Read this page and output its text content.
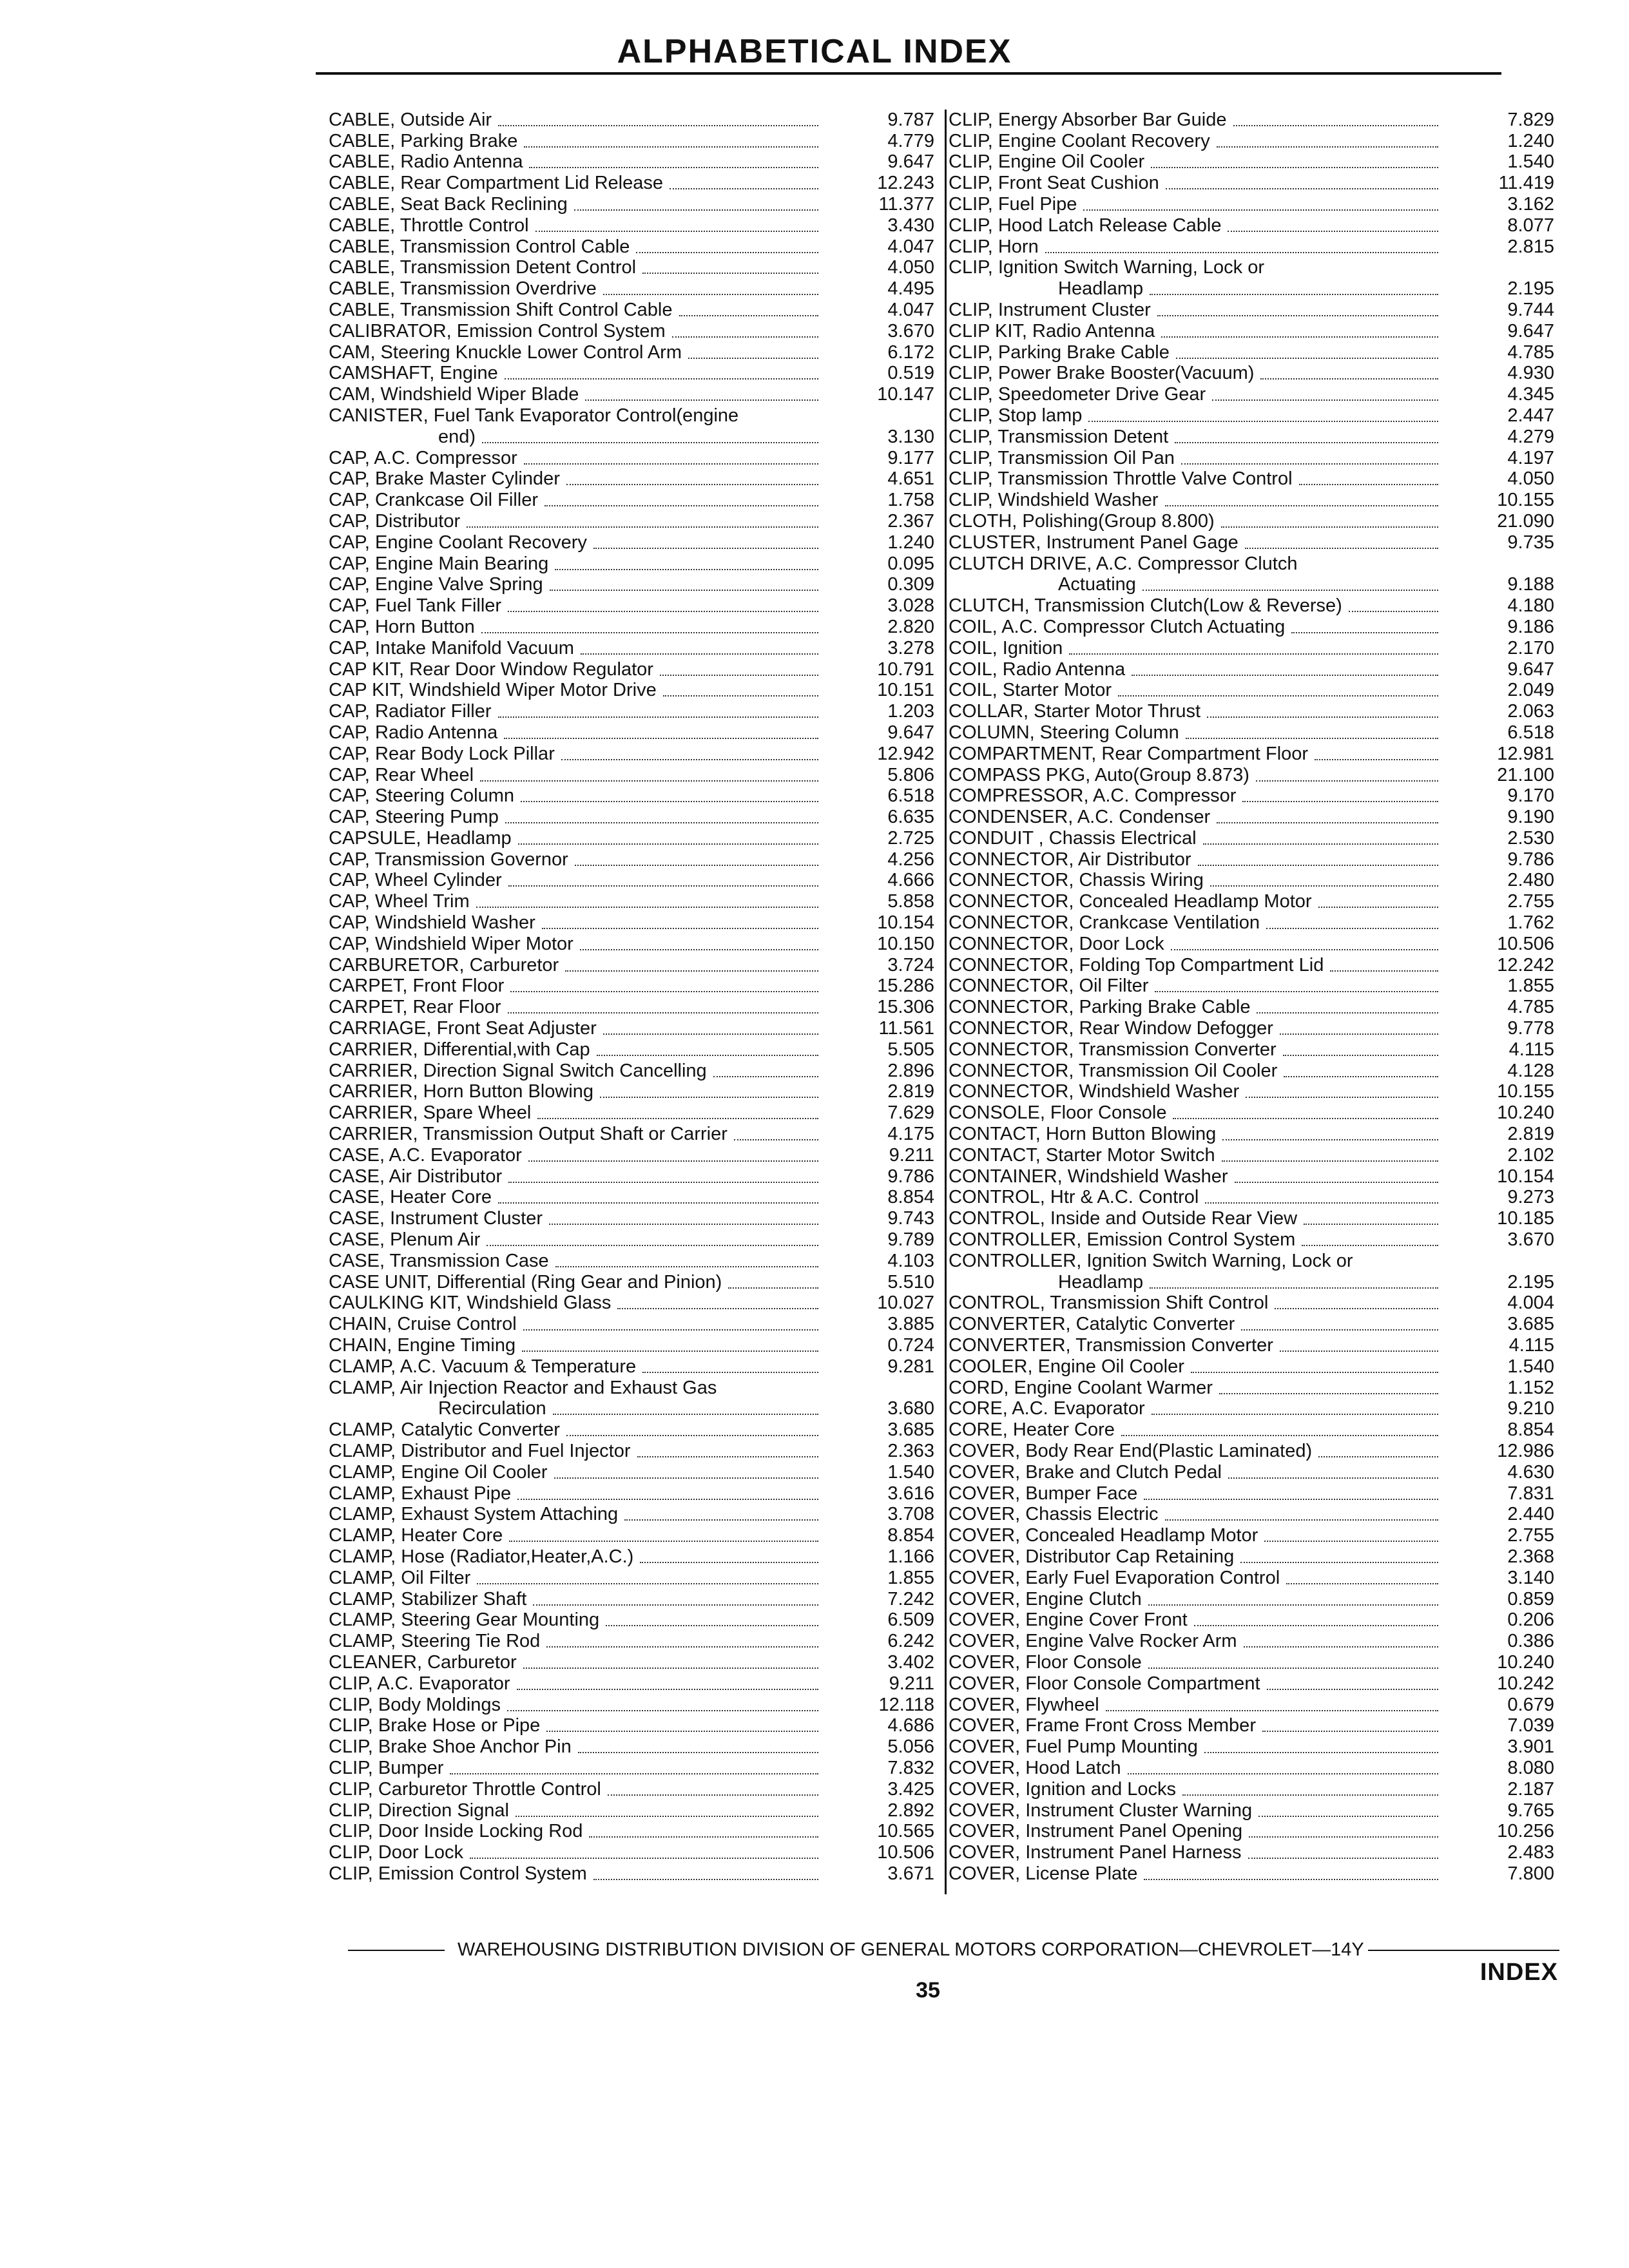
ALPHABETICAL INDEX
CABLE, Outside Air	9.787
CABLE, Parking Brake	4.779
CABLE, Radio Antenna	9.647
CABLE, Rear Compartment Lid Release	12.243
CABLE, Seat Back Reclining	11.377
CABLE, Throttle Control	3.430
CABLE, Transmission Control Cable	4.047
CABLE, Transmission Detent Control	4.050
CABLE, Transmission Overdrive	4.495
CABLE, Transmission Shift Control Cable	4.047
CALIBRATOR, Emission Control System	3.670
CAM, Steering Knuckle Lower Control Arm	6.172
CAMSHAFT, Engine	0.519
CAM, Windshield Wiper Blade	10.147
CANISTER, Fuel Tank Evaporator Control(engine
end)	3.130
CAP, A.C. Compressor	9.177
CAP, Brake Master Cylinder	4.651
CAP, Crankcase Oil Filler	1.758
CAP, Distributor	2.367
CAP, Engine Coolant Recovery	1.240
CAP, Engine Main Bearing	0.095
CAP, Engine Valve Spring	0.309
CAP, Fuel Tank Filler	3.028
CAP, Horn Button	2.820
CAP, Intake Manifold Vacuum	3.278
CAP KIT, Rear Door Window Regulator	10.791
CAP KIT, Windshield Wiper Motor Drive	10.151
CAP, Radiator Filler	1.203
CAP, Radio Antenna	9.647
CAP, Rear Body Lock Pillar	12.942
CAP, Rear Wheel	5.806
CAP, Steering Column	6.518
CAP, Steering Pump	6.635
CAPSULE, Headlamp	2.725
CAP, Transmission Governor	4.256
CAP, Wheel Cylinder	4.666
CAP, Wheel Trim	5.858
CAP, Windshield Washer	10.154
CAP, Windshield Wiper Motor	10.150
CARBURETOR, Carburetor	3.724
CARPET, Front Floor	15.286
CARPET, Rear Floor	15.306
CARRIAGE, Front Seat Adjuster	11.561
CARRIER, Differential,with Cap	5.505
CARRIER, Direction Signal Switch Cancelling	2.896
CARRIER, Horn Button Blowing	2.819
CARRIER, Spare Wheel	7.629
CARRIER, Transmission Output Shaft or Carrier	4.175
CASE, A.C. Evaporator	9.211
CASE, Air Distributor	9.786
CASE, Heater Core	8.854
CASE, Instrument Cluster	9.743
CASE, Plenum Air	9.789
CASE, Transmission Case	4.103
CASE UNIT, Differential (Ring Gear and Pinion)	5.510
CAULKING KIT, Windshield Glass	10.027
CHAIN, Cruise Control	3.885
CHAIN, Engine Timing	0.724
CLAMP, A.C. Vacuum & Temperature	9.281
CLAMP, Air Injection Reactor and Exhaust Gas
Recirculation	3.680
CLAMP, Catalytic Converter	3.685
CLAMP, Distributor and Fuel Injector	2.363
CLAMP, Engine Oil Cooler	1.540
CLAMP, Exhaust Pipe	3.616
CLAMP, Exhaust System Attaching	3.708
CLAMP, Heater Core	8.854
CLAMP, Hose (Radiator,Heater,A.C.)	1.166
CLAMP, Oil Filter	1.855
CLAMP, Stabilizer Shaft	7.242
CLAMP, Steering Gear Mounting	6.509
CLAMP, Steering Tie Rod	6.242
CLEANER, Carburetor	3.402
CLIP, A.C. Evaporator	9.211
CLIP, Body Moldings	12.118
CLIP, Brake Hose or Pipe	4.686
CLIP, Brake Shoe Anchor Pin	5.056
CLIP, Bumper	7.832
CLIP, Carburetor Throttle Control	3.425
CLIP, Direction Signal	2.892
CLIP, Door Inside Locking Rod	10.565
CLIP, Door Lock	10.506
CLIP, Emission Control System	3.671
CLIP, Energy Absorber Bar Guide	7.829
CLIP, Engine Coolant Recovery	1.240
CLIP, Engine Oil Cooler	1.540
CLIP, Front Seat Cushion	11.419
CLIP, Fuel Pipe	3.162
CLIP, Hood Latch Release Cable	8.077
CLIP, Horn	2.815
CLIP, Ignition Switch Warning, Lock or
Headlamp	2.195
CLIP, Instrument Cluster	9.744
CLIP KIT, Radio Antenna	9.647
CLIP, Parking Brake Cable	4.785
CLIP, Power Brake Booster(Vacuum)	4.930
CLIP, Speedometer Drive Gear	4.345
CLIP, Stop lamp	2.447
CLIP, Transmission Detent	4.279
CLIP, Transmission Oil Pan	4.197
CLIP, Transmission Throttle Valve Control	4.050
CLIP, Windshield Washer	10.155
CLOTH, Polishing(Group 8.800)	21.090
CLUSTER, Instrument Panel Gage	9.735
CLUTCH DRIVE, A.C. Compressor Clutch
Actuating	9.188
CLUTCH, Transmission Clutch(Low & Reverse)	4.180
COIL, A.C. Compressor Clutch Actuating	9.186
COIL, Ignition	2.170
COIL, Radio Antenna	9.647
COIL, Starter Motor	2.049
COLLAR, Starter Motor Thrust	2.063
COLUMN, Steering Column	6.518
COMPARTMENT, Rear Compartment Floor	12.981
COMPASS PKG, Auto(Group 8.873)	21.100
COMPRESSOR, A.C. Compressor	9.170
CONDENSER, A.C. Condenser	9.190
CONDUIT , Chassis Electrical	2.530
CONNECTOR, Air Distributor	9.786
CONNECTOR, Chassis Wiring	2.480
CONNECTOR, Concealed Headlamp Motor	2.755
CONNECTOR, Crankcase Ventilation	1.762
CONNECTOR, Door Lock	10.506
CONNECTOR, Folding Top Compartment Lid	12.242
CONNECTOR, Oil Filter	1.855
CONNECTOR, Parking Brake Cable	4.785
CONNECTOR, Rear Window Defogger	9.778
CONNECTOR, Transmission Converter	4.115
CONNECTOR, Transmission Oil Cooler	4.128
CONNECTOR, Windshield Washer	10.155
CONSOLE, Floor Console	10.240
CONTACT, Horn Button Blowing	2.819
CONTACT, Starter Motor Switch	2.102
CONTAINER, Windshield Washer	10.154
CONTROL, Htr & A.C. Control	9.273
CONTROL, Inside and Outside Rear View	10.185
CONTROLLER, Emission Control System	3.670
CONTROLLER, Ignition Switch Warning, Lock or
Headlamp	2.195
CONTROL, Transmission Shift Control	4.004
CONVERTER, Catalytic Converter	3.685
CONVERTER, Transmission Converter	4.115
COOLER, Engine Oil Cooler	1.540
CORD, Engine Coolant Warmer	1.152
CORE, A.C. Evaporator	9.210
CORE, Heater Core	8.854
COVER, Body Rear End(Plastic Laminated)	12.986
COVER, Brake and Clutch Pedal	4.630
COVER, Bumper Face	7.831
COVER, Chassis Electric	2.440
COVER, Concealed Headlamp Motor	2.755
COVER, Distributor Cap Retaining	2.368
COVER, Early Fuel Evaporation Control	3.140
COVER, Engine Clutch	0.859
COVER, Engine Cover Front	0.206
COVER, Engine Valve Rocker Arm	0.386
COVER, Floor Console	10.240
COVER, Floor Console Compartment	10.242
COVER, Flywheel	0.679
COVER, Frame Front Cross Member	7.039
COVER, Fuel Pump Mounting	3.901
COVER, Hood Latch	8.080
COVER, Ignition and Locks	2.187
COVER, Instrument Cluster Warning	9.765
COVER, Instrument Panel Opening	10.256
COVER, Instrument Panel Harness	2.483
COVER, License Plate	7.800
WAREHOUSING DISTRIBUTION DIVISION OF GENERAL MOTORS CORPORATION—CHEVROLET—14Y
INDEX
35
